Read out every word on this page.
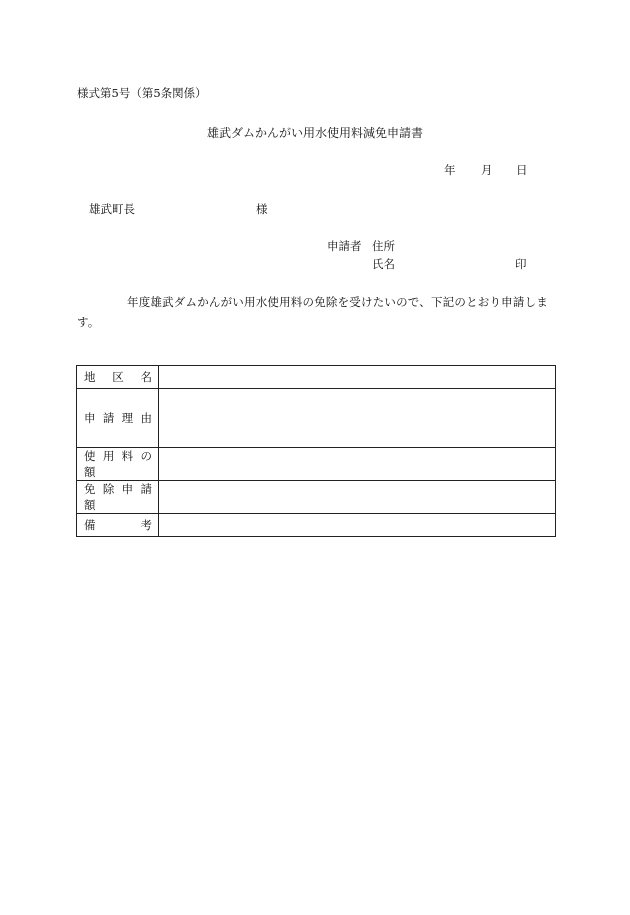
様式第5号（第5条関係）
雄武ダムかんがい用水使用料減免申請書
年 月 日
雄武町長	様
申請者 住所
氏名	印
年度雄武ダムかんがい用水使用料の免除を受けたいので、下記のとおり申請します。
地 区 名	
申 請 理 由	
使 用 料 の 額	
免 除 申 請 額	
備 考	
